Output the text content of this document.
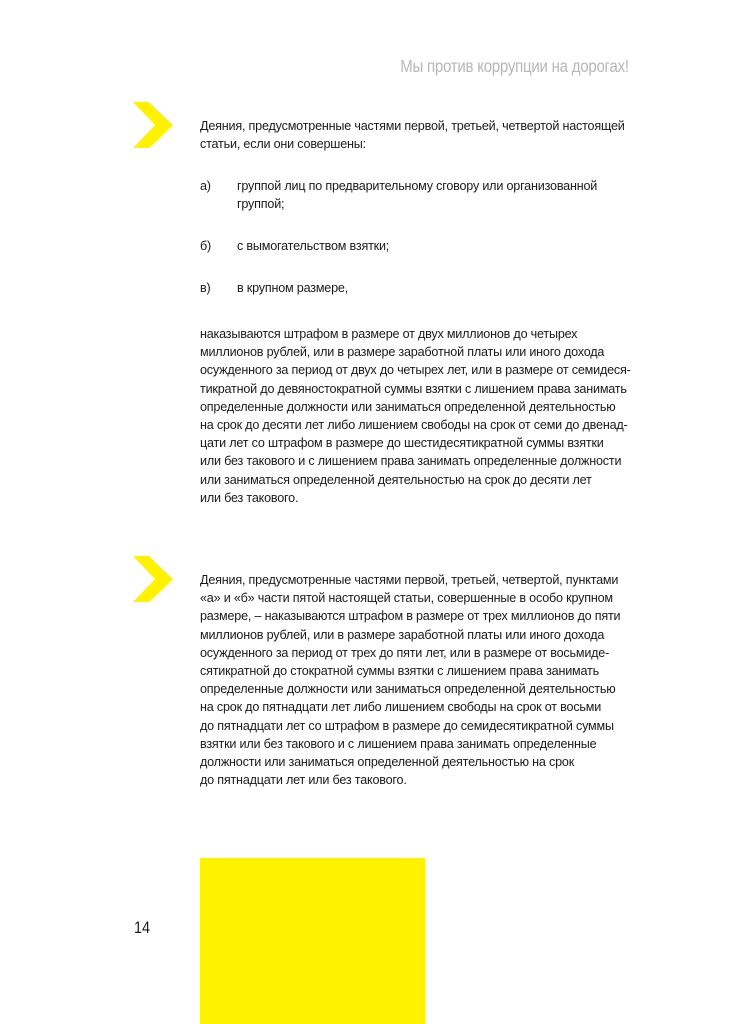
Мы против коррупции на дорогах!
Деяния, предусмотренные частями первой, третьей, четвертой настоящей
статьи, если они совершены:
а) группой лиц по предварительному сговору или организованной
группой;
б) с вымогательством взятки;
в) в крупном размере,
наказываются штрафом в размере от двух миллионов до четырех
миллионов рублей, или в размере заработной платы или иного дохода
осужденного за период от двух до четырех лет, или в размере от семидеся-
тикратной до девяностократной суммы взятки с лишением права занимать
определенные должности или заниматься определенной деятельностью
на срок до десяти лет либо лишением свободы на срок от семи до двенад-
цати лет со штрафом в размере до шестидесятикратной суммы взятки
или без такового и с лишением права занимать определенные должности
или заниматься определенной деятельностью на срок до десяти лет
или без такового.
Деяния, предусмотренные частями первой, третьей, четвертой, пунктами
«а» и «б» части пятой настоящей статьи, совершенные в особо крупном
размере, – наказываются штрафом в размере от трех миллионов до пяти
миллионов рублей, или в размере заработной платы или иного дохода
осужденного за период от трех до пяти лет, или в размере от восьмиде-
сятикратной до стократной суммы взятки с лишением права занимать
определенные должности или заниматься определенной деятельностью
на срок до пятнадцати лет либо лишением свободы на срок от восьми
до пятнадцати лет со штрафом в размере до семидесятикратной суммы
взятки или без такового и с лишением права занимать определенные
должности или заниматься определенной деятельностью на срок
до пятнадцати лет или без такового.
14
